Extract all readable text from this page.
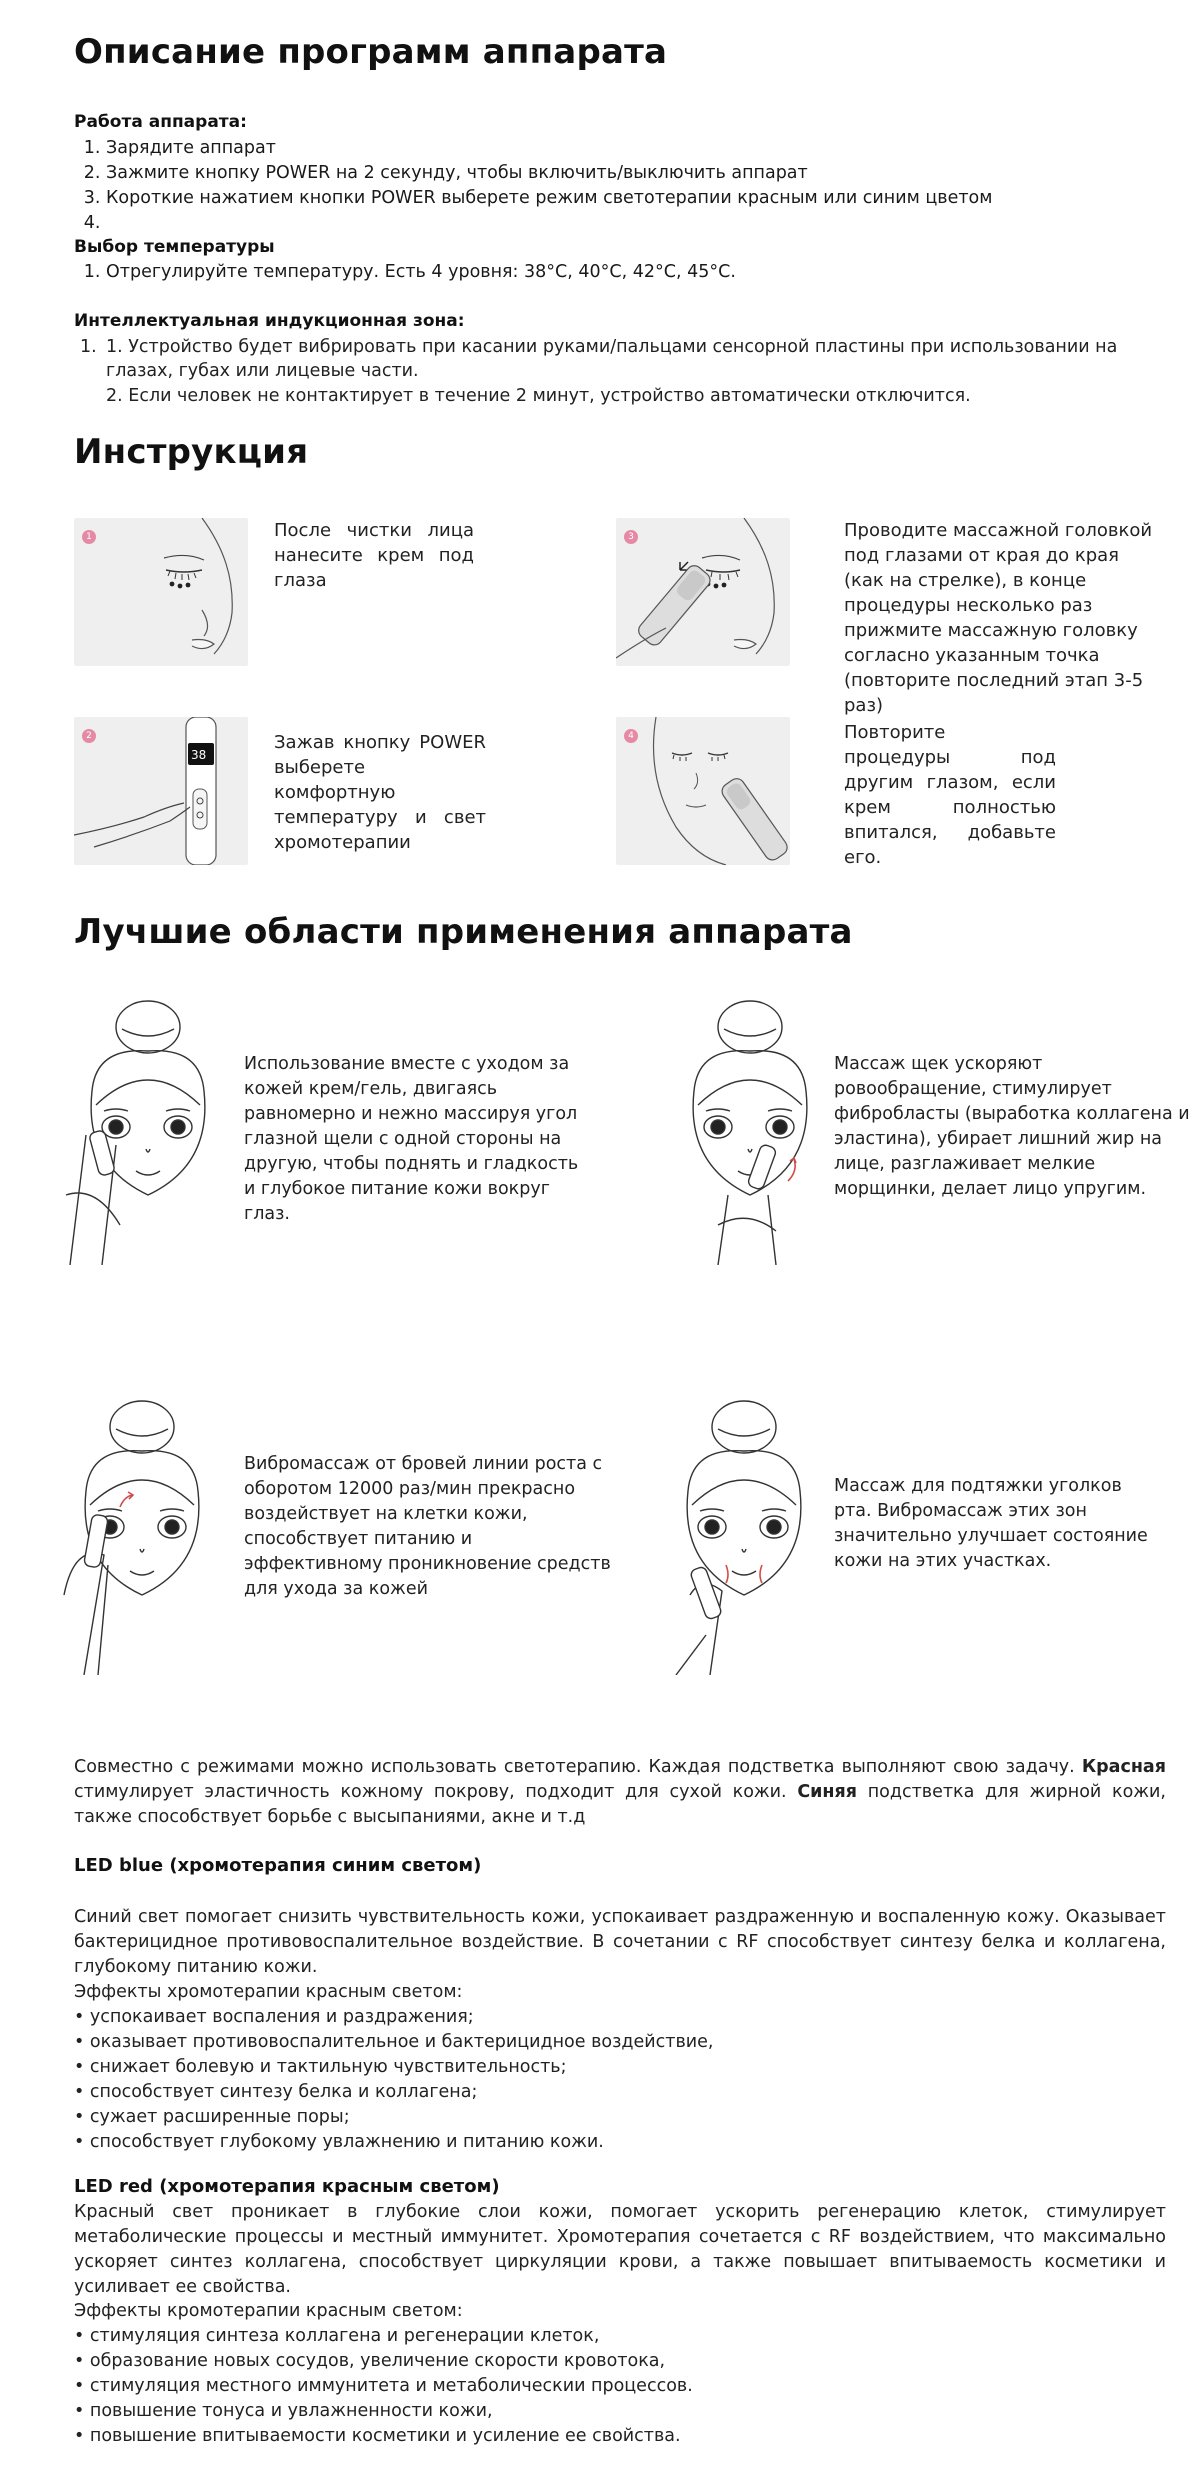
Описание программ аппарата
Работа аппарата:
1. Зарядите аппарат
2. Зажмите кнопку POWER на 2 секунду, чтобы включить/выключить аппарат
3. Короткие нажатием кнопки POWER выберете режим светотерапии красным или синим цветом
4.
Выбор температуры
1. Отрегулируйте температуру. Есть 4 уровня: 38°C, 40°C, 42°C, 45°C.
Интеллектуальная индукционная зона:
1. 1. Устройство будет вибрировать при касании руками/пальцами сенсорной пластины при использовании на
глазах, губах или лицевые части.
2. Если человек не контактирует в течение 2 минут, устройство автоматически отключится.
Инструкция
1	После чистки лица нанесите крем под глаза
38
2	Зажав кнопку POWER выберете комфортную температуру и свет хромотерапии
3	Проводите массажной головкой под глазами от края до края (как на стрелке), в конце процедуры несколько раз прижмите массажную головку согласно указанным точка (повторите последний этап 3-5 раз)
4	Повторите процедуры под другим глазом, если крем полностью впитался, добавьте его.
Лучшие области применения аппарата
Использование вместе с уходом за кожей крем/гель, двигаясь равномерно и нежно массируя угол глазной щели с одной стороны на другую, чтобы поднять и гладкость и глубокое питание кожи вокруг глаз.
Массаж щек ускоряют ровообращение, стимулирует фибробласты (выработка коллагена и эластина), убирает лишний жир на лице, разглаживает мелкие морщинки, делает лицо упругим.
Вибромассаж от бровей линии роста с оборотом 12000 раз/мин прекрасно воздействует на клетки кожи, способствует питанию и эффективному проникновение средств для ухода за кожей
Массаж для подтяжки уголков рта. Вибромассаж этих зон значительно улучшает состояние кожи на этих участках.
Совместно с режимами можно использовать светотерапию. Каждая подстветка выполняют свою задачу. Красная стимулирует эластичность кожному покрову, подходит для сухой кожи. Синяя подстветка для жирной кожи, также способствует борьбе с высыпаниями, акне и т.д
LED blue (хромотерапия синим светом)
Синий свет помогает снизить чувствительность кожи, успокаивает раздраженную и воспаленную кожу. Оказывает бактерицидное противовоспалительное воздействие. В сочетании с RF способствует синтезу белка и коллагена, глубокому питанию кожи.
Эффекты хромотерапии красным светом:
• успокаивает воспаления и раздражения;
• оказывает противовоспалительное и бактерицидное воздействие,
• снижает болевую и тактильную чувствительность;
• способствует синтезу белка и коллагена;
• сужает расширенные поры;
• способствует глубокому увлажнению и питанию кожи.
LED red (хромотерапия красным светом)
Красный свет проникает в глубокие слои кожи, помогает ускорить регенерацию клеток, стимулирует метаболические процессы и местный иммунитет. Хромотерапия сочетается с RF воздействием, что максимально ускоряет синтез коллагена, способствует циркуляции крови, а также повышает впитываемость косметики и усиливает ее свойства.
Эффекты кромотерапии красным светом:
• стимуляция синтеза коллагена и регенерации клеток,
• образование новых сосудов, увеличение скорости кровотока,
• стимуляция местного иммунитета и метаболическии процессов.
• повышение тонуса и увлажненности кожи,
• повышение впитываемости косметики и усиление ее свойства.
